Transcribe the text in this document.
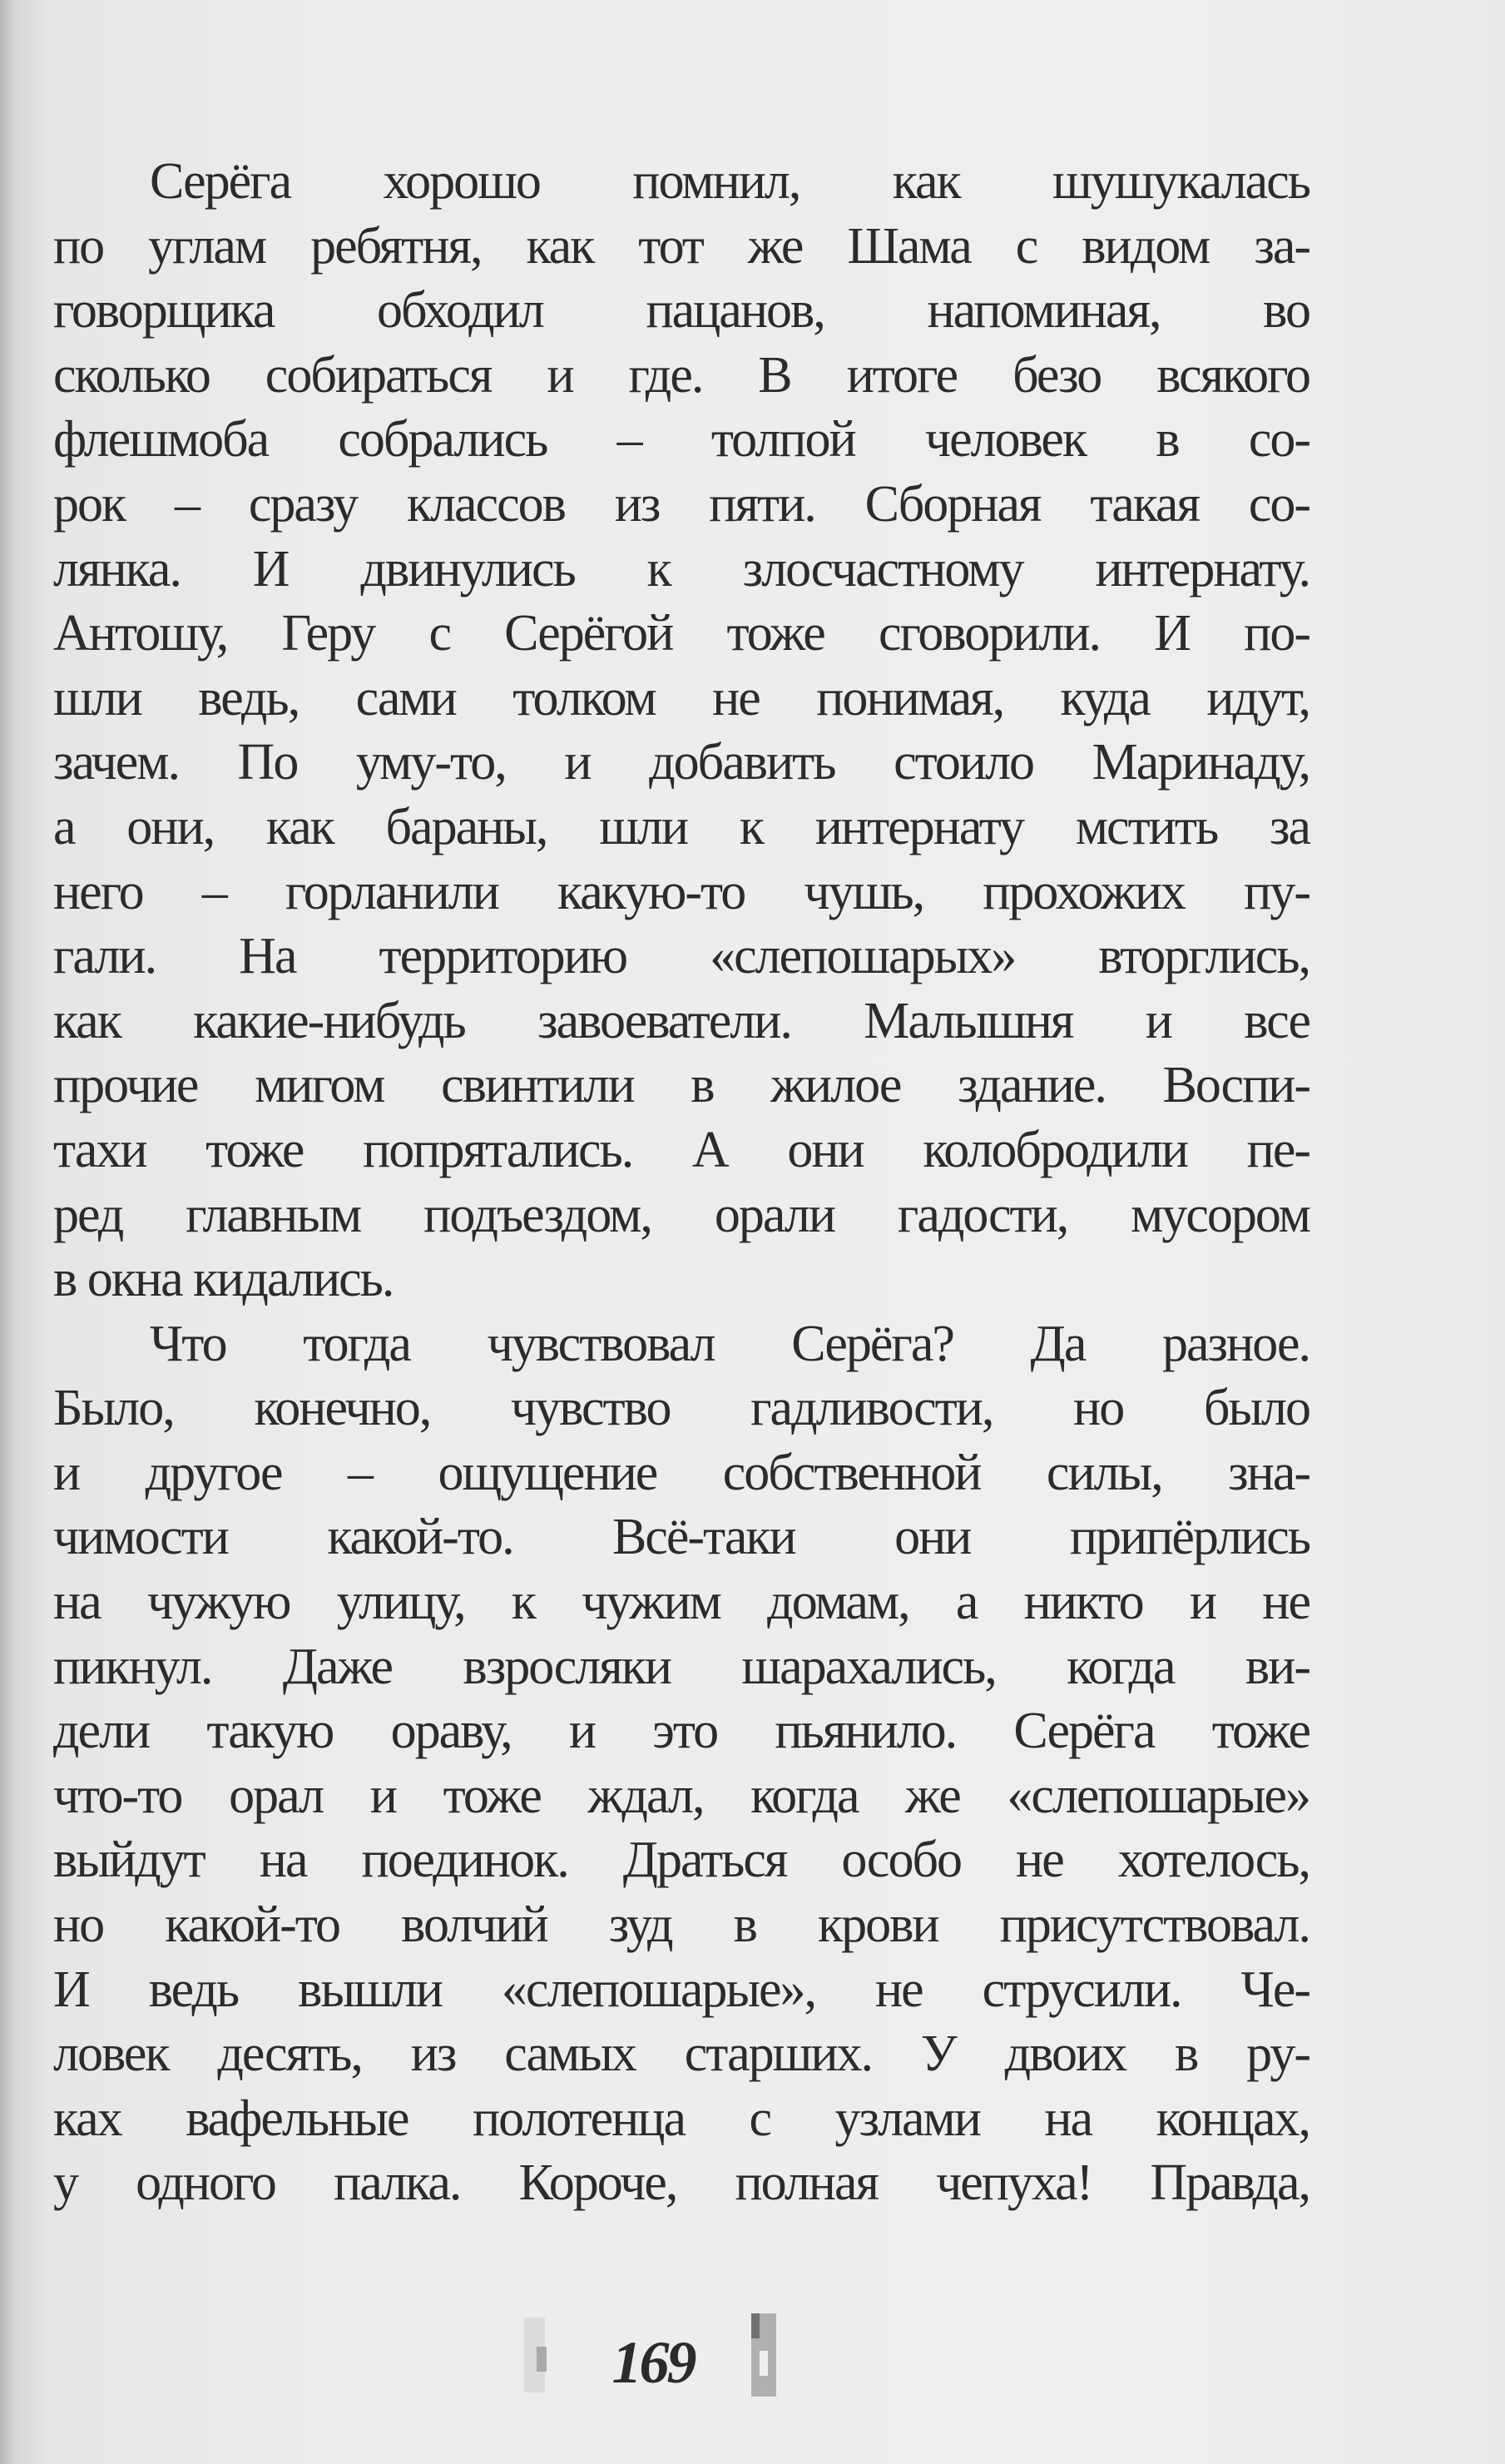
Серёга хорошо помнил, как шушукалась
по углам ребятня, как тот же Шама с видом за-
говорщика обходил пацанов, напоминая, во
сколько собираться и где. В итоге безо всякого
флешмоба собрались – толпой человек в со-
рок – сразу классов из пяти. Сборная такая со-
лянка. И двинулись к злосчастному интернату.
Антошу, Геру с Серёгой тоже сговорили. И по-
шли ведь, сами толком не понимая, куда идут,
зачем. По уму-то, и добавить стоило Маринаду,
а они, как бараны, шли к интернату мстить за
него – горланили какую-то чушь, прохожих пу-
гали. На территорию «слепошарых» вторглись,
как какие-нибудь завоеватели. Малышня и все
прочие мигом свинтили в жилое здание. Воспи-
тахи тоже попрятались. А они колобродили пе-
ред главным подъездом, орали гадости, мусором
в окна кидались.
Что тогда чувствовал Серёга? Да разное.
Было, конечно, чувство гадливости, но было
и другое – ощущение собственной силы, зна-
чимости какой-то. Всё-таки они припёрлись
на чужую улицу, к чужим домам, а никто и не
пикнул. Даже взросляки шарахались, когда ви-
дели такую ораву, и это пьянило. Серёга тоже
что-то орал и тоже ждал, когда же «слепошарые»
выйдут на поединок. Драться особо не хотелось,
но какой-то волчий зуд в крови присутствовал.
И ведь вышли «слепошарые», не струсили. Че-
ловек десять, из самых старших. У двоих в ру-
ках вафельные полотенца с узлами на концах,
у одного палка. Короче, полная чепуха! Правда,
169
